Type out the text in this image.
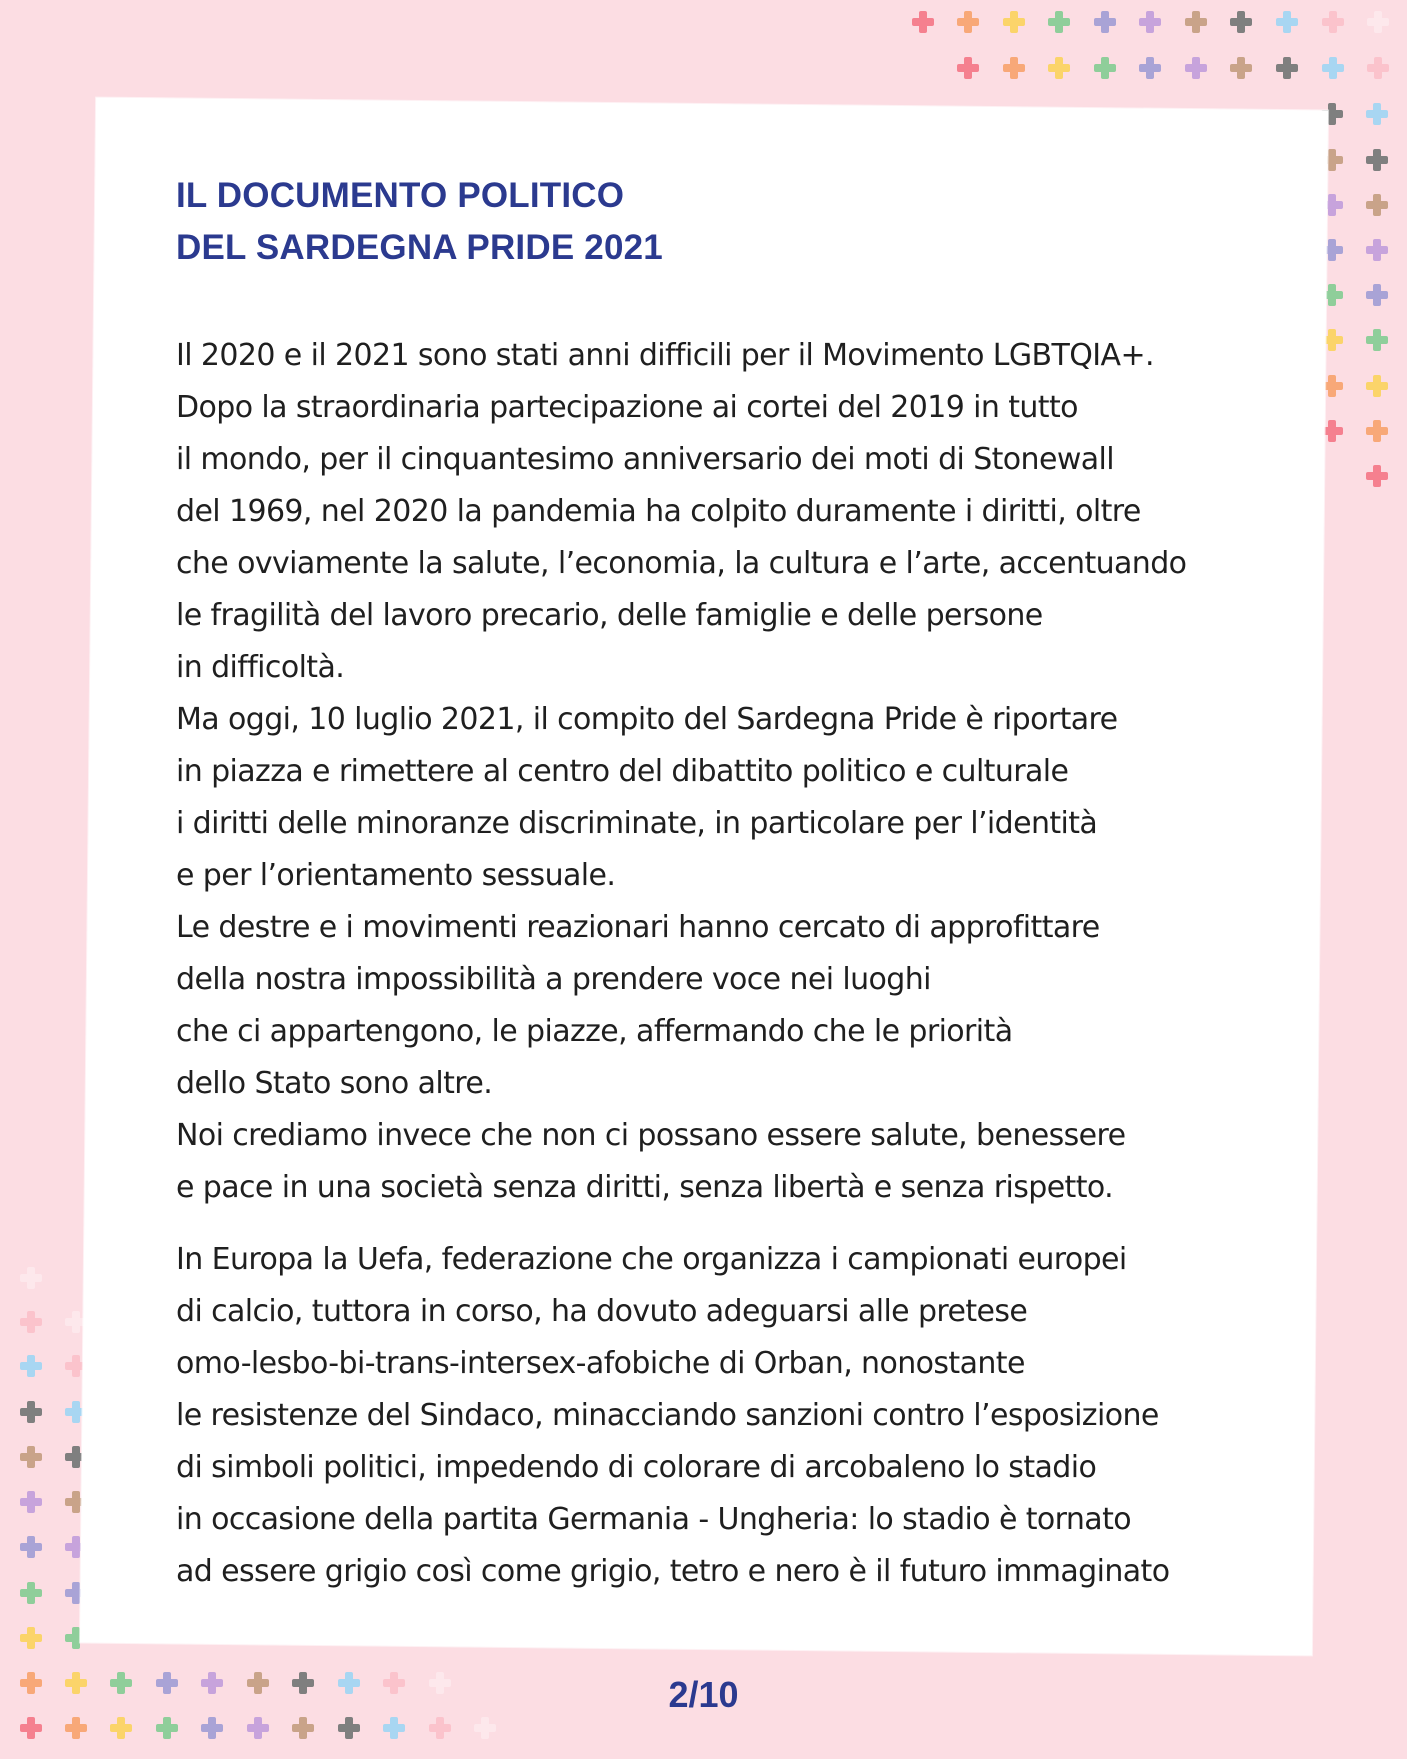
IL DOCUMENTO POLITICO
DEL SARDEGNA PRIDE 2021

Il 2020 e il 2021 sono stati anni difficili per il Movimento LGBTQIA+.
Dopo la straordinaria partecipazione ai cortei del 2019 in tutto
il mondo, per il cinquantesimo anniversario dei moti di Stonewall
del 1969, nel 2020 la pandemia ha colpito duramente i diritti, oltre
che ovviamente la salute, l’economia, la cultura e l’arte, accentuando
le fragilità del lavoro precario, delle famiglie e delle persone
in difficoltà.
Ma oggi, 10 luglio 2021, il compito del Sardegna Pride è riportare
in piazza e rimettere al centro del dibattito politico e culturale
i diritti delle minoranze discriminate, in particolare per l’identità
e per l’orientamento sessuale.
Le destre e i movimenti reazionari hanno cercato di approfittare
della nostra impossibilità a prendere voce nei luoghi
che ci appartengono, le piazze, affermando che le priorità
dello Stato sono altre.
Noi crediamo invece che non ci possano essere salute, benessere
e pace in una società senza diritti, senza libertà e senza rispetto.

In Europa la Uefa, federazione che organizza i campionati europei
di calcio, tuttora in corso, ha dovuto adeguarsi alle pretese
omo-lesbo-bi-trans-intersex-afobiche di Orban, nonostante
le resistenze del Sindaco, minacciando sanzioni contro l’esposizione
di simboli politici, impedendo di colorare di arcobaleno lo stadio
in occasione della partita Germania - Ungheria: lo stadio è tornato
ad essere grigio così come grigio, tetro e nero è il futuro immaginato

2/10
